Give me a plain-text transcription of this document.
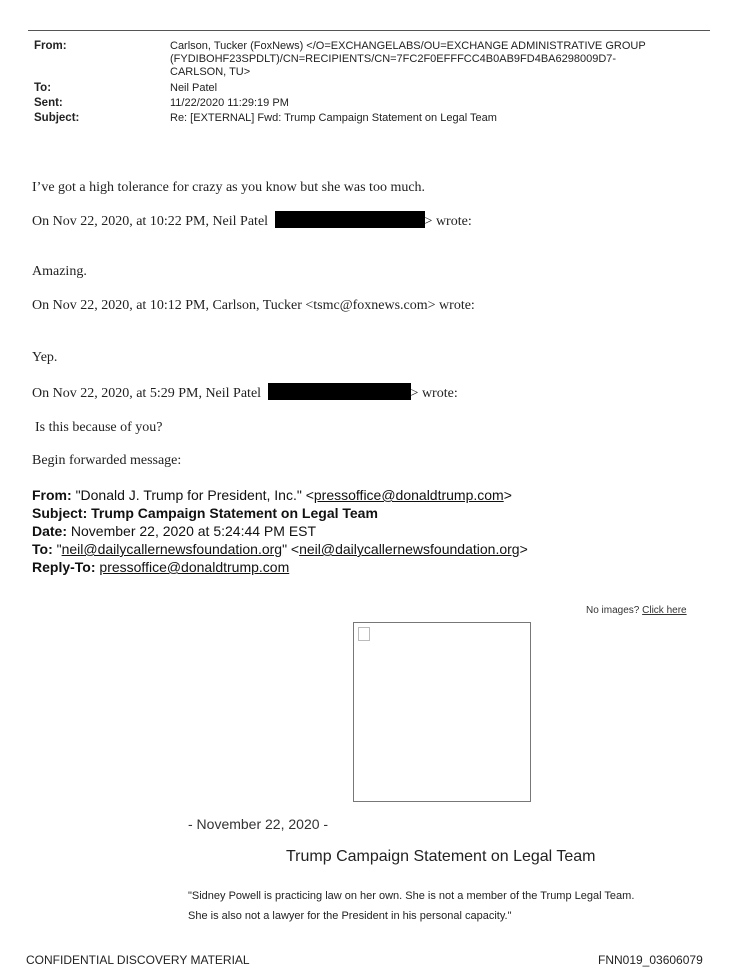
From:	Carlson, Tucker (FoxNews) </O=EXCHANGELABS/OU=EXCHANGE ADMINISTRATIVE GROUP
(FYDIBOHF23SPDLT)/CN=RECIPIENTS/CN=7FC2F0EFFFCC4B0AB9FD4BA6298009D7-
CARLSON, TU>
To:	Neil Patel
Sent:	11/22/2020 11:29:19 PM
Subject:	Re: [EXTERNAL] Fwd: Trump Campaign Statement on Legal Team
I’ve got a high tolerance for crazy as you know but she was too much.
On Nov 22, 2020, at 10:22 PM, Neil Patel	> wrote:
Amazing.
On Nov 22, 2020, at 10:12 PM, Carlson, Tucker <tsmc@foxnews.com> wrote:
Yep.
On Nov 22, 2020, at 5:29 PM, Neil Patel	> wrote:
Is this because of you?
Begin forwarded message:
From: "Donald J. Trump for President, Inc." <pressoffice@donaldtrump.com>
Subject: Trump Campaign Statement on Legal Team
Date: November 22, 2020 at 5:24:44 PM EST
To: "neil@dailycallernewsfoundation.org" <neil@dailycallernewsfoundation.org>
Reply-To: pressoffice@donaldtrump.com
No images? Click here
- November 22, 2020 -
Trump Campaign Statement on Legal Team
"Sidney Powell is practicing law on her own. She is not a member of the Trump Legal Team.
She is also not a lawyer for the President in his personal capacity."
CONFIDENTIAL DISCOVERY MATERIAL	FNN019_03606079
